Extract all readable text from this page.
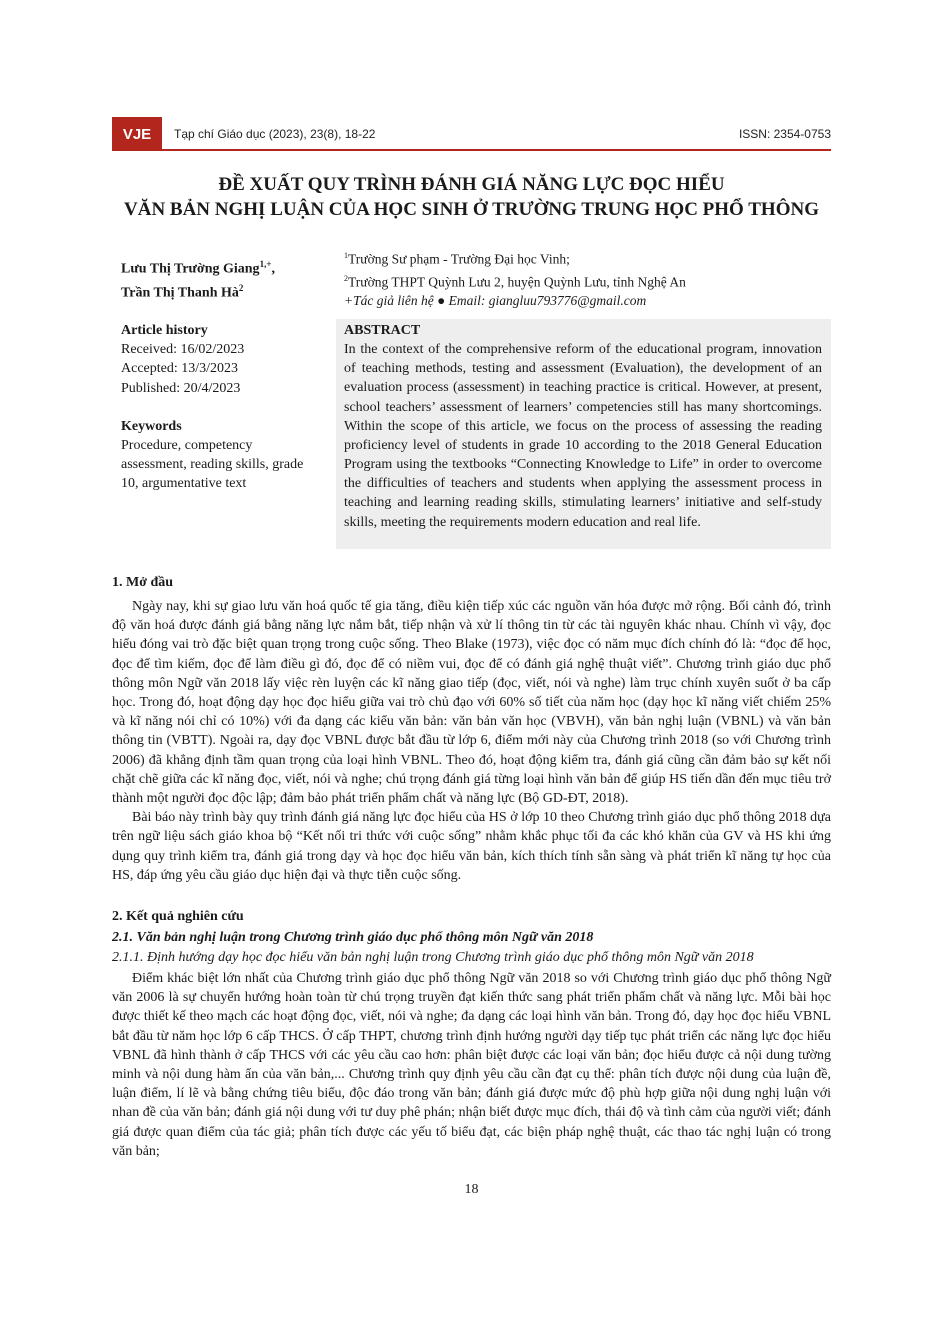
VJE	Tạp chí Giáo dục (2023), 23(8), 18-22	ISSN: 2354-0753
ĐỀ XUẤT QUY TRÌNH ĐÁNH GIÁ NĂNG LỰC ĐỌC HIỂU
VĂN BẢN NGHỊ LUẬN CỦA HỌC SINH Ở TRƯỜNG TRUNG HỌC PHỔ THÔNG
Lưu Thị Trường Giang$^{1,+}$,
Trần Thị Thanh $Hà^2$
$^1$Trường Sư phạm - Trường Đại học Vinh;
$^2$Trường THPT Quỳnh Lưu 2, huyện Quỳnh Lưu, tỉnh Nghệ An
+Tác giả liên hệ ● Email: giangluu793776@gmail.com
Article history
Received: 16/02/2023
Accepted: 13/3/2023
Published: 20/4/2023
Keywords
Procedure, competency assessment, reading skills, grade 10, argumentative text
ABSTRACT
In the context of the comprehensive reform of the educational program, innovation of teaching methods, testing and assessment (Evaluation), the development of an evaluation process (assessment) in teaching practice is critical. However, at present, school teachers’ assessment of learners’ competencies still has many shortcomings. Within the scope of this article, we focus on the process of assessing the reading proficiency level of students in grade 10 according to the 2018 General Education Program using the textbooks “Connecting Knowledge to Life” in order to overcome the difficulties of teachers and students when applying the assessment process in teaching and learning reading skills, stimulating learners’ initiative and self-study skills, meeting the requirements modern education and real life.
1. Mở đầu

Ngày nay, khi sự giao lưu văn hoá quốc tế gia tăng, điều kiện tiếp xúc các nguồn văn hóa được mở rộng. Bối cảnh đó, trình độ văn hoá được đánh giá bằng năng lực nắm bắt, tiếp nhận và xử lí thông tin từ các tài nguyên khác nhau. Chính vì vậy, đọc hiểu đóng vai trò đặc biệt quan trọng trong cuộc sống. Theo Blake (1973), việc đọc có năm mục đích chính đó là: “đọc để học, đọc để tìm kiếm, đọc để làm điều gì đó, đọc để có niềm vui, đọc để có đánh giá nghệ thuật viết”. Chương trình giáo dục phổ thông môn Ngữ văn 2018 lấy việc rèn luyện các kĩ năng giao tiếp (đọc, viết, nói và nghe) làm trục chính xuyên suốt ở ba cấp học. Trong đó, hoạt động dạy học đọc hiểu giữa vai trò chủ đạo với 60% số tiết của năm học (dạy học kĩ năng viết chiếm 25% và kĩ năng nói chỉ có 10%) với đa dạng các kiểu văn bản: văn bản văn học (VBVH), văn bản nghị luận (VBNL) và văn bản thông tin (VBTT). Ngoài ra, dạy đọc VBNL được bắt đầu từ lớp 6, điểm mới này của Chương trình 2018 (so với Chương trình 2006) đã khẳng định tầm quan trọng của loại hình VBNL. Theo đó, hoạt động kiểm tra, đánh giá cũng cần đảm bảo sự kết nối chặt chẽ giữa các kĩ năng đọc, viết, nói và nghe; chú trọng đánh giá từng loại hình văn bản để giúp HS tiến dần đến mục tiêu trở thành một người đọc độc lập; đảm bảo phát triển phẩm chất và năng lực (Bộ GD-ĐT, 2018).

Bài báo này trình bày quy trình đánh giá năng lực đọc hiểu của HS ở lớp 10 theo Chương trình giáo dục phổ thông 2018 dựa trên ngữ liệu sách giáo khoa bộ “Kết nối tri thức với cuộc sống” nhằm khắc phục tối đa các khó khăn của GV và HS khi ứng dụng quy trình kiểm tra, đánh giá trong dạy và học đọc hiểu văn bản, kích thích tính sẵn sàng và phát triển kĩ năng tự học của HS, đáp ứng yêu cầu giáo dục hiện đại và thực tiễn cuộc sống.

2. Kết quả nghiên cứu
2.1. Văn bản nghị luận trong Chương trình giáo dục phổ thông môn Ngữ văn 2018
2.1.1. Định hướng dạy học đọc hiểu văn bản nghị luận trong Chương trình giáo dục phổ thông môn Ngữ văn 2018

Điểm khác biệt lớn nhất của Chương trình giáo dục phổ thông Ngữ văn 2018 so với Chương trình giáo dục phổ thông Ngữ văn 2006 là sự chuyển hướng hoàn toàn từ chú trọng truyền đạt kiến thức sang phát triển phẩm chất và năng lực. Mỗi bài học được thiết kế theo mạch các hoạt động đọc, viết, nói và nghe; đa dạng các loại hình văn bản. Trong đó, dạy học đọc hiểu VBNL bắt đầu từ năm học lớp 6 cấp THCS. Ở cấp THPT, chương trình định hướng người dạy tiếp tục phát triển các năng lực đọc hiểu VBNL đã hình thành ở cấp THCS với các yêu cầu cao hơn: phân biệt được các loại văn bản; đọc hiểu được cả nội dung tường minh và nội dung hàm ẩn của văn bản,... Chương trình quy định yêu cầu cần đạt cụ thể: phân tích được nội dung của luận đề, luận điểm, lí lẽ và bằng chứng tiêu biểu, độc đáo trong văn bản; đánh giá được mức độ phù hợp giữa nội dung nghị luận với nhan đề của văn bản; đánh giá nội dung với tư duy phê phán; nhận biết được mục đích, thái độ và tình cảm của người viết; đánh giá được quan điểm của tác giả; phân tích được các yếu tố biểu đạt, các biện pháp nghệ thuật, các thao tác nghị luận có trong văn bản;

18
